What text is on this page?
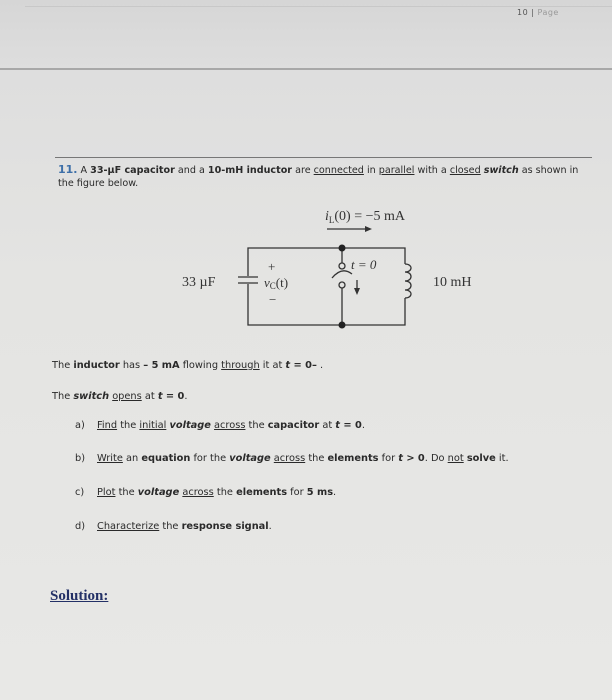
10 | Page
11. A 33-µF capacitor and a 10-mH inductor are connected in parallel with a closed switch as shown in the figure below.
$i_L(0) = -5$ mA
t = 0
33 µF
+
vC(t)
−
10 mH
The inductor has – 5 mA flowing through it at t = 0– .
The switch opens at t = 0.
a) Find the initial voltage across the capacitor at t = 0.
b) Write an equation for the voltage across the elements for t > 0. Do not solve it.
c) Plot the voltage across the elements for 5 ms.
d) Characterize the response signal.
Solution:
